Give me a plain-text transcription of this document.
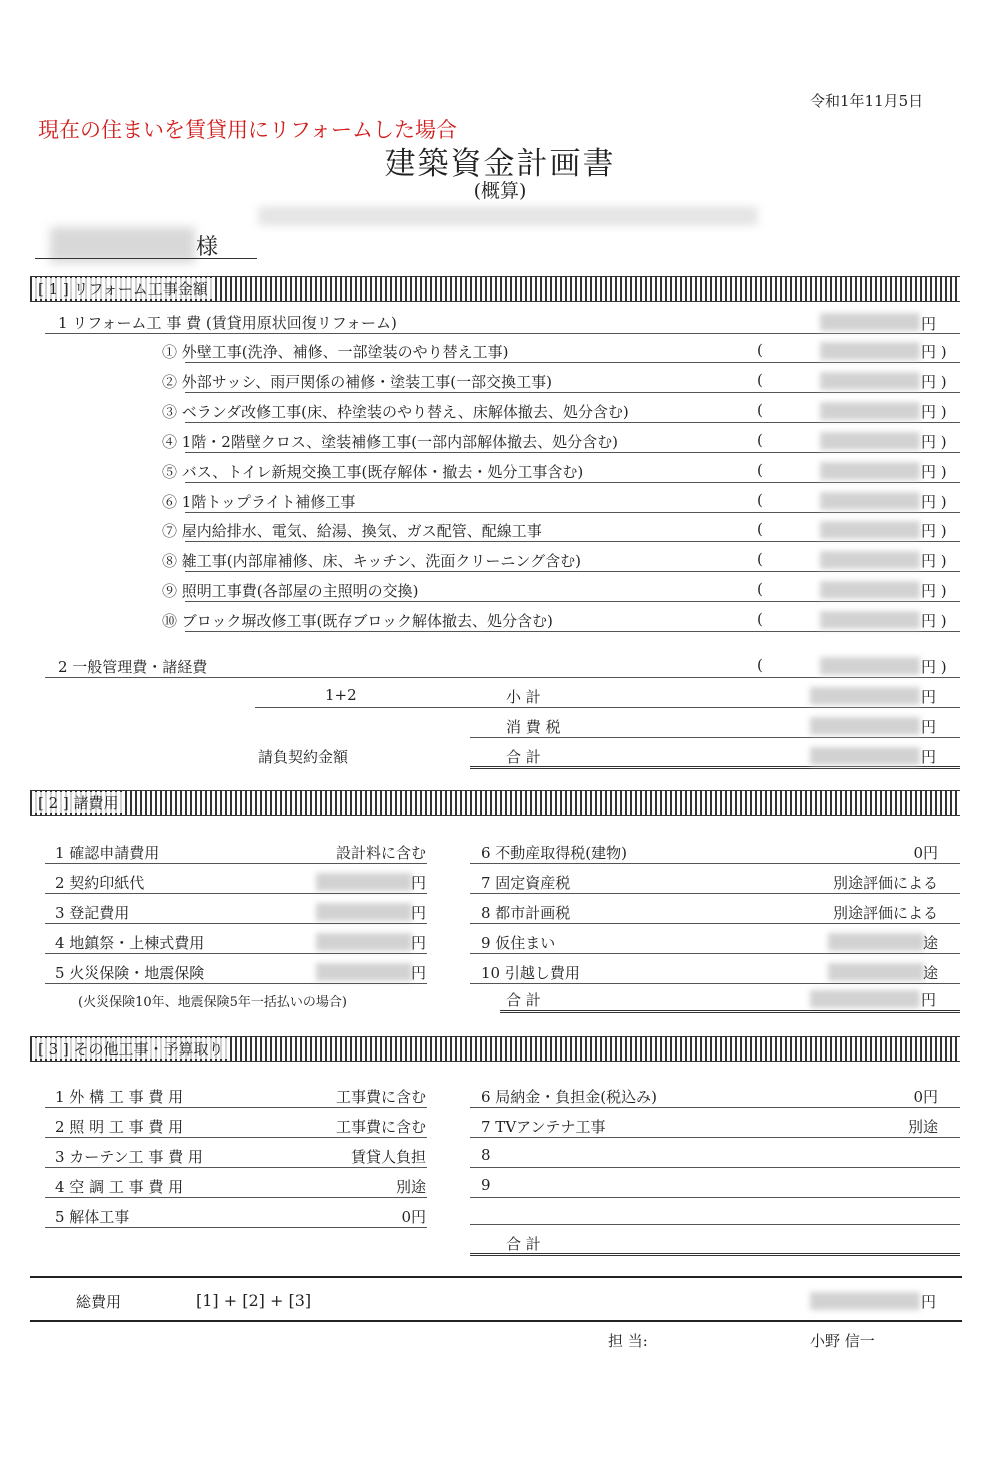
令和1年11月5日
現在の住まいを賃貸用にリフォームした場合
建築資金計画書
(概算)
様
[ 1 ] リフォーム工事金額
1 リフォーム工 事 費 (賃貸用原状回復リフォーム)	円
① 外壁工事(洗浄、補修、一部塗装のやり替え工事)	(	円 )
② 外部サッシ、雨戸関係の補修・塗装工事(一部交換工事)	(	円 )
③ ベランダ改修工事(床、枠塗装のやり替え、床解体撤去、処分含む)	(	円 )
④ 1階・2階壁クロス、塗装補修工事(一部内部解体撤去、処分含む)	(	円 )
⑤ バス、トイレ新規交換工事(既存解体・撤去・処分工事含む)	(	円 )
⑥ 1階トップライト補修工事	(	円 )
⑦ 屋内給排水、電気、給湯、換気、ガス配管、配線工事	(	円 )
⑧ 雑工事(内部扉補修、床、キッチン、洗面クリーニング含む)	(	円 )
⑨ 照明工事費(各部屋の主照明の交換)	(	円 )
⑩ ブロック塀改修工事(既存ブロック解体撤去、処分含む)	(	円 )
2 一般管理費・諸経費	(	円 )
1+2	小 計	円
消 費 税	円
請負契約金額	合 計	円
[ 2 ] 諸費用
1 確認申請費用	設計料に含む
2 契約印紙代	円
3 登記費用	円
4 地鎮祭・上棟式費用	円
5 火災保険・地震保険	円
6 不動産取得税(建物)	0円
7 固定資産税	別途評価による
8 都市計画税	別途評価による
9 仮住まい	途
10 引越し費用	途
(火災保険10年、地震保険5年一括払いの場合)	合 計	円
[ 3 ] その他工事・予算取り
1 外 構 工 事 費 用	工事費に含む
2 照 明 工 事 費 用	工事費に含む
3 カーテン工 事 費 用	賃貸人負担
4 空 調 工 事 費 用	別途
5 解体工事	0円
6 局納金・負担金(税込み)	0円
7 TVアンテナ工事	別途
8
9
合 計
総費用	[1] + [2] + [3]	円
担 当:	小野 信一
